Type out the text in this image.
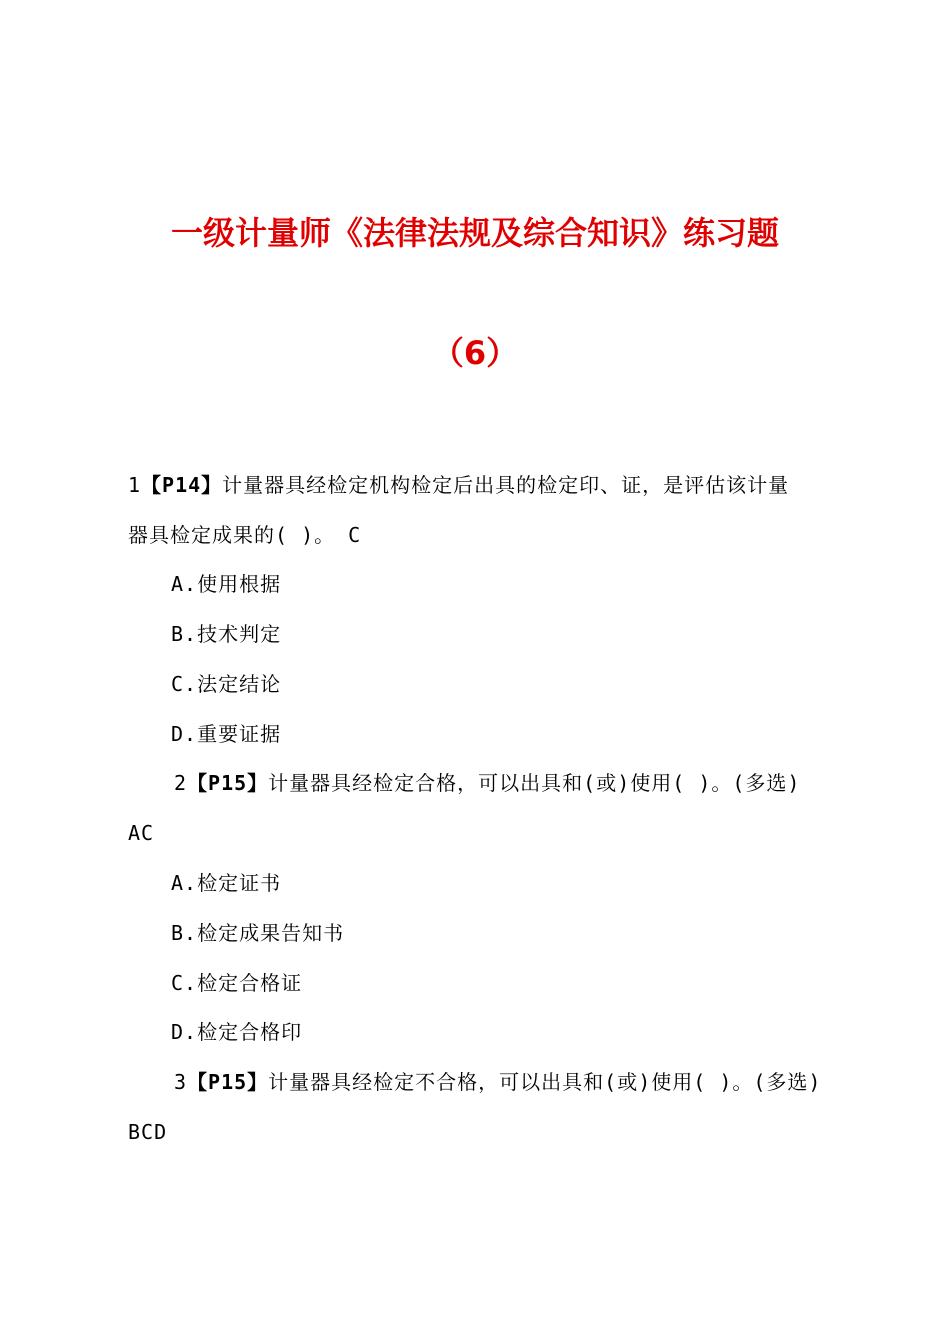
一级计量师《法律法规及综合知识》练习题
（6）
1【P14】计量器具经检定机构检定后出具的检定印、证，是评估该计量
器具检定成果的( )。 C
A.使用根据
B.技术判定
C.法定结论
D.重要证据
2【P15】计量器具经检定合格，可以出具和(或)使用( )。(多选)
AC
A.检定证书
B.检定成果告知书
C.检定合格证
D.检定合格印
3【P15】计量器具经检定不合格，可以出具和(或)使用( )。(多选)
BCD
